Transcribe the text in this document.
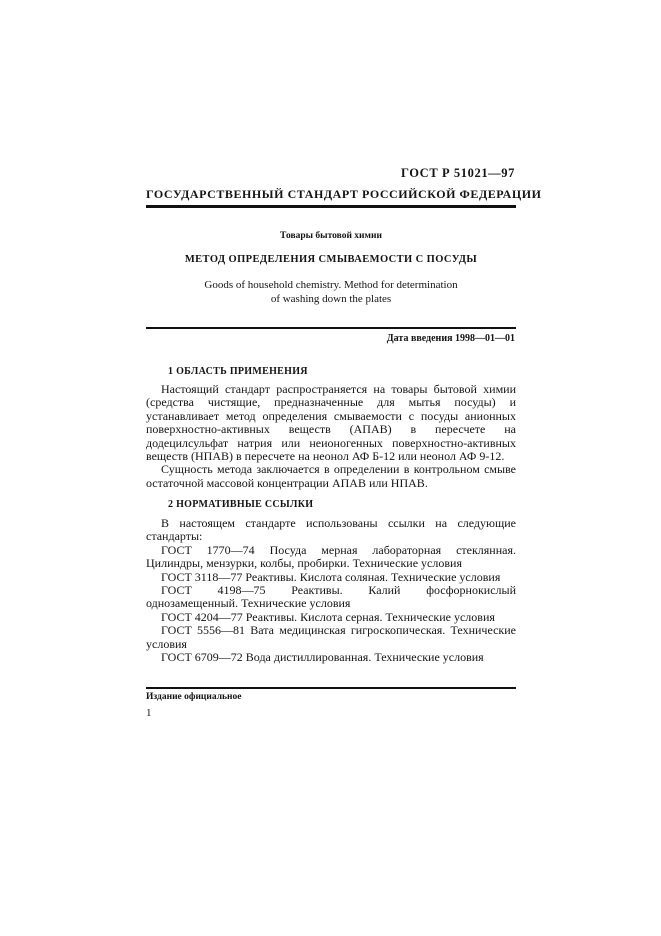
ГОСТ Р 51021—97
ГОСУДАРСТВЕННЫЙ СТАНДАРТ РОССИЙСКОЙ ФЕДЕРАЦИИ
Товары бытовой химии
МЕТОД ОПРЕДЕЛЕНИЯ СМЫВАЕМОСТИ С ПОСУДЫ
Goods of household chemistry. Method for determination
of washing down the plates
Дата введения 1998—01—01
1 ОБЛАСТЬ ПРИМЕНЕНИЯ

Настоящий стандарт распространяется на товары бытовой химии (средства чистящие, предназначенные для мытья посуды) и устанавливает метод определения смываемости с посуды анионных поверхностно-активных веществ (АПАВ) в пересчете на додецилсульфат натрия или неионогенных поверхностно-активных веществ (НПАВ) в пересчете на неонол АФ Б-12 или неонол АФ 9-12.

Сущность метода заключается в определении в контрольном смыве остаточной массовой концентрации АПАВ или НПАВ.

2 НОРМАТИВНЫЕ ССЫЛКИ

В настоящем стандарте использованы ссылки на следующие стандарты:

ГОСТ 1770—74 Посуда мерная лабораторная стеклянная. Цилиндры, мензурки, колбы, пробирки. Технические условия

ГОСТ 3118—77 Реактивы. Кислота соляная. Технические условия

ГОСТ 4198—75 Реактивы. Калий фосфорнокислый однозамещенный. Технические условия

ГОСТ 4204—77 Реактивы. Кислота серная. Технические условия

ГОСТ 5556—81 Вата медицинская гигроскопическая. Технические условия

ГОСТ 6709—72 Вода дистиллированная. Технические условия

Издание официальное
1
